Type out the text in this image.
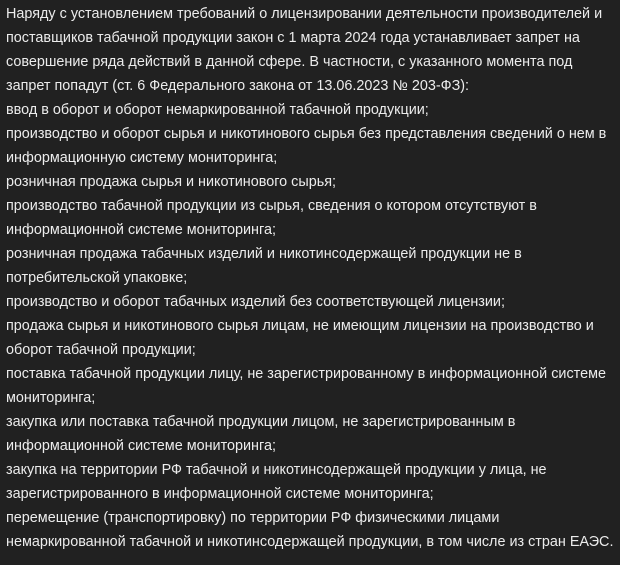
Наряду с установлением требований о лицензировании деятельности производителей и поставщиков табачной продукции закон с 1 марта 2024 года устанавливает запрет на совершение ряда действий в данной сфере. В частности, с указанного момента под запрет попадут (ст. 6 Федерального закона от 13.06.2023 № 203-ФЗ):

ввод в оборот и оборот немаркированной табачной продукции;

производство и оборот сырья и никотинового сырья без представления сведений о нем в информационную систему мониторинга;

розничная продажа сырья и никотинового сырья;

производство табачной продукции из сырья, сведения о котором отсутствуют в информационной системе мониторинга;

розничная продажа табачных изделий и никотинсодержащей продукции не в потребительской упаковке;

производство и оборот табачных изделий без соответствующей лицензии;

продажа сырья и никотинового сырья лицам, не имеющим лицензии на производство и оборот табачной продукции;

поставка табачной продукции лицу, не зарегистрированному в информационной системе мониторинга;

закупка или поставка табачной продукции лицом, не зарегистрированным в информационной системе мониторинга;

закупка на территории РФ табачной и никотинсодержащей продукции у лица, не зарегистрированного в информационной системе мониторинга;

перемещение (транспортировку) по территории РФ физическими лицами немаркированной табачной и никотинсодержащей продукции, в том числе из стран ЕАЭС.
